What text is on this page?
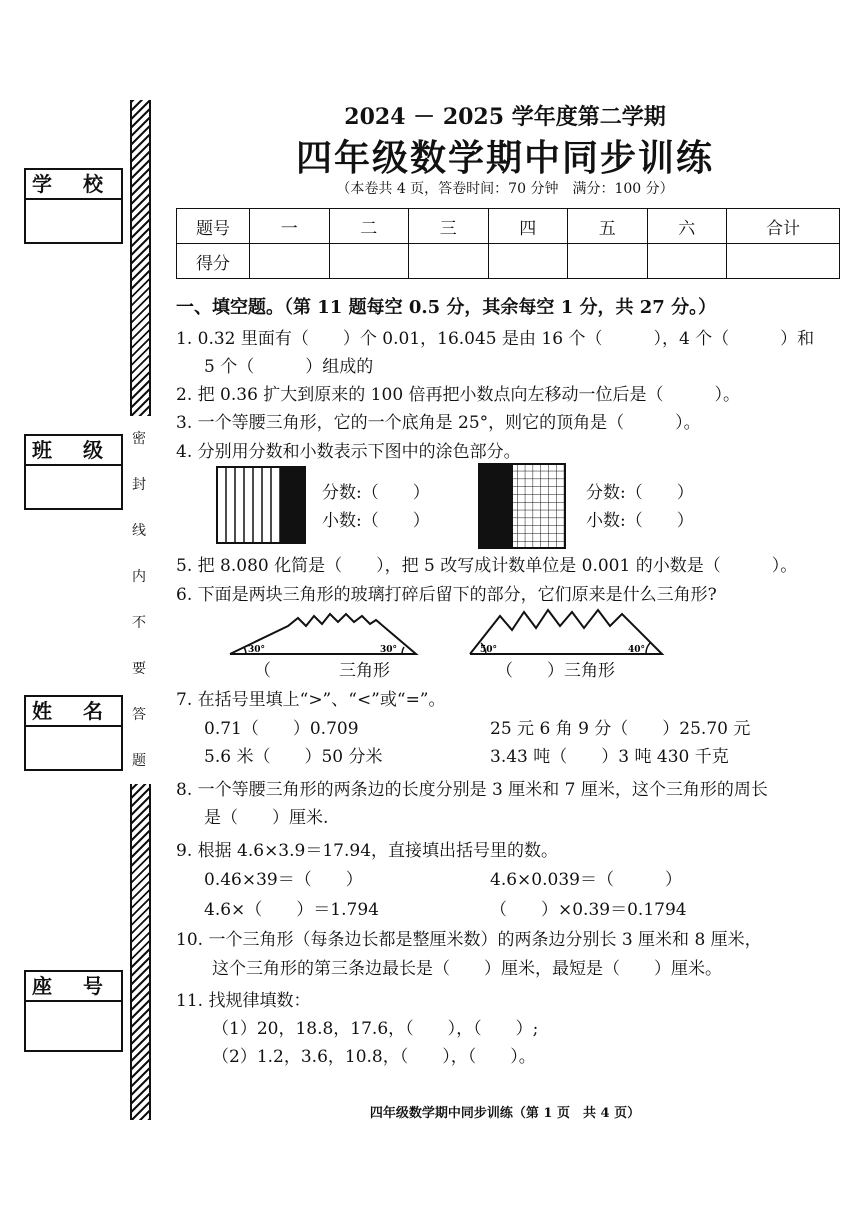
学 校
班 级
姓 名
座 号
密
封
线
内
不
要
答
题
2024 － 2025 学年度第二学期
四年级数学期中同步训练
（本卷共 4 页，答卷时间：70 分钟　满分：100 分）
题号	一	二	三	四	五	六	合计
得分							
一、填空题。（第 11 题每空 0.5 分，其余每空 1 分，共 27 分。）
1. 0.32 里面有（　　）个 0.01，16.045 是由 16 个（　　　），4 个（　　　）和
5 个（　　　）组成的
2. 把 0.36 扩大到原来的 100 倍再把小数点向左移动一位后是（　　　）。
3. 一个等腰三角形，它的一个底角是 25°，则它的顶角是（　　　）。
4. 分别用分数和小数表示下图中的涂色部分。
分数:（　　）
小数:（　　）
分数:（　　）
小数:（　　）
5. 把 8.080 化简是（　　），把 5 改写成计数单位是 0.001 的小数是（　　　）。
6. 下面是两块三角形的玻璃打碎后留下的部分，它们原来是什么三角形?
30°	30°
（　　　　三角形
50°	40°
（　　）三角形
7. 在括号里填上“>”、“<”或“=”。
0.71（　　）0.709	25 元 6 角 9 分（　　）25.70 元
5.6 米（　　）50 分米	3.43 吨（　　）3 吨 430 千克
8. 一个等腰三角形的两条边的长度分别是 3 厘米和 7 厘米，这个三角形的周长
是（　　）厘米.
9. 根据 4.6×3.9＝17.94，直接填出括号里的数。
0.46×39＝（　　）	4.6×0.039＝（　　　）
4.6×（　　）＝1.794	（　　）×0.39＝0.1794
10. 一个三角形（每条边长都是整厘米数）的两条边分别长 3 厘米和 8 厘米，
这个三角形的第三条边最长是（　　）厘米，最短是（　　）厘米。
11. 找规律填数：
（1）20，18.8，17.6，（　　），（　　）;
（2）1.2，3.6，10.8，（　　），（　　）。
四年级数学期中同步训练（第 1 页　共 4 页）
